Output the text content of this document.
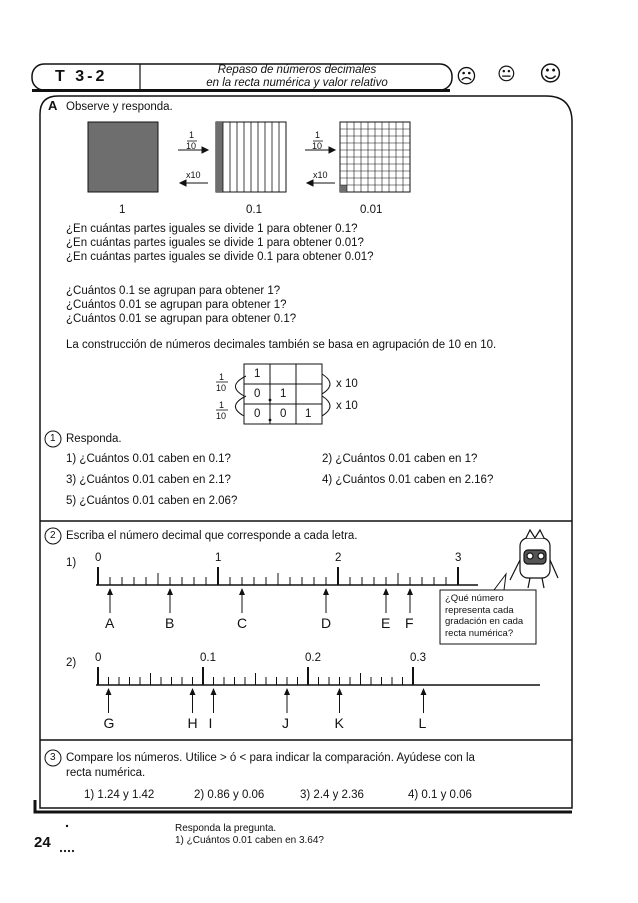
T 3-2	Repaso de números decimales
en la recta numérica y valor relativo	☹ 😐 ☺
A Observe y responda.
1
10
x10
1
10
x10
1	0.1	0.01
¿En cuántas partes iguales se divide 1 para obtener 0.1?
¿En cuántas partes iguales se divide 1 para obtener 0.01?
¿En cuántas partes iguales se divide 0.1 para obtener 0.01?
¿Cuántos 0.1 se agrupan para obtener 1?
¿Cuántos 0.01 se agrupan para obtener 1?
¿Cuántos 0.01 se agrupan para obtener 0.1?
La construcción de números decimales también se basa en agrupación de 10 en 10.
1
0 1
0 0 1
1
10
1
10
x 10
x 10
1 Responda.
1) ¿Cuántos 0.01 caben en 0.1?	2) ¿Cuántos 0.01 caben en 1?
3) ¿Cuántos 0.01 caben en 2.1?	4) ¿Cuántos 0.01 caben en 2.16?
5) ¿Cuántos 0.01 caben en 2.06?
2 Escriba el número decimal que corresponde a cada letra.
1) 0	1	2	3
A	B	C	D	E F
2) 0	0.1	0.2	0.3
G	H I	J	K	L
¿Qué número
representa cada
gradación en cada
recta numérica?
3 Compare los números. Utilice > ó < para indicar la comparación. Ayúdese con la
recta numérica.
1) 1.24 y 1.42	2) 0.86 y 0.06	3) 2.4 y 2.36	4) 0.1 y 0.06
24
Responda la pregunta.
1) ¿Cuántos 0.01 caben en 3.64?
